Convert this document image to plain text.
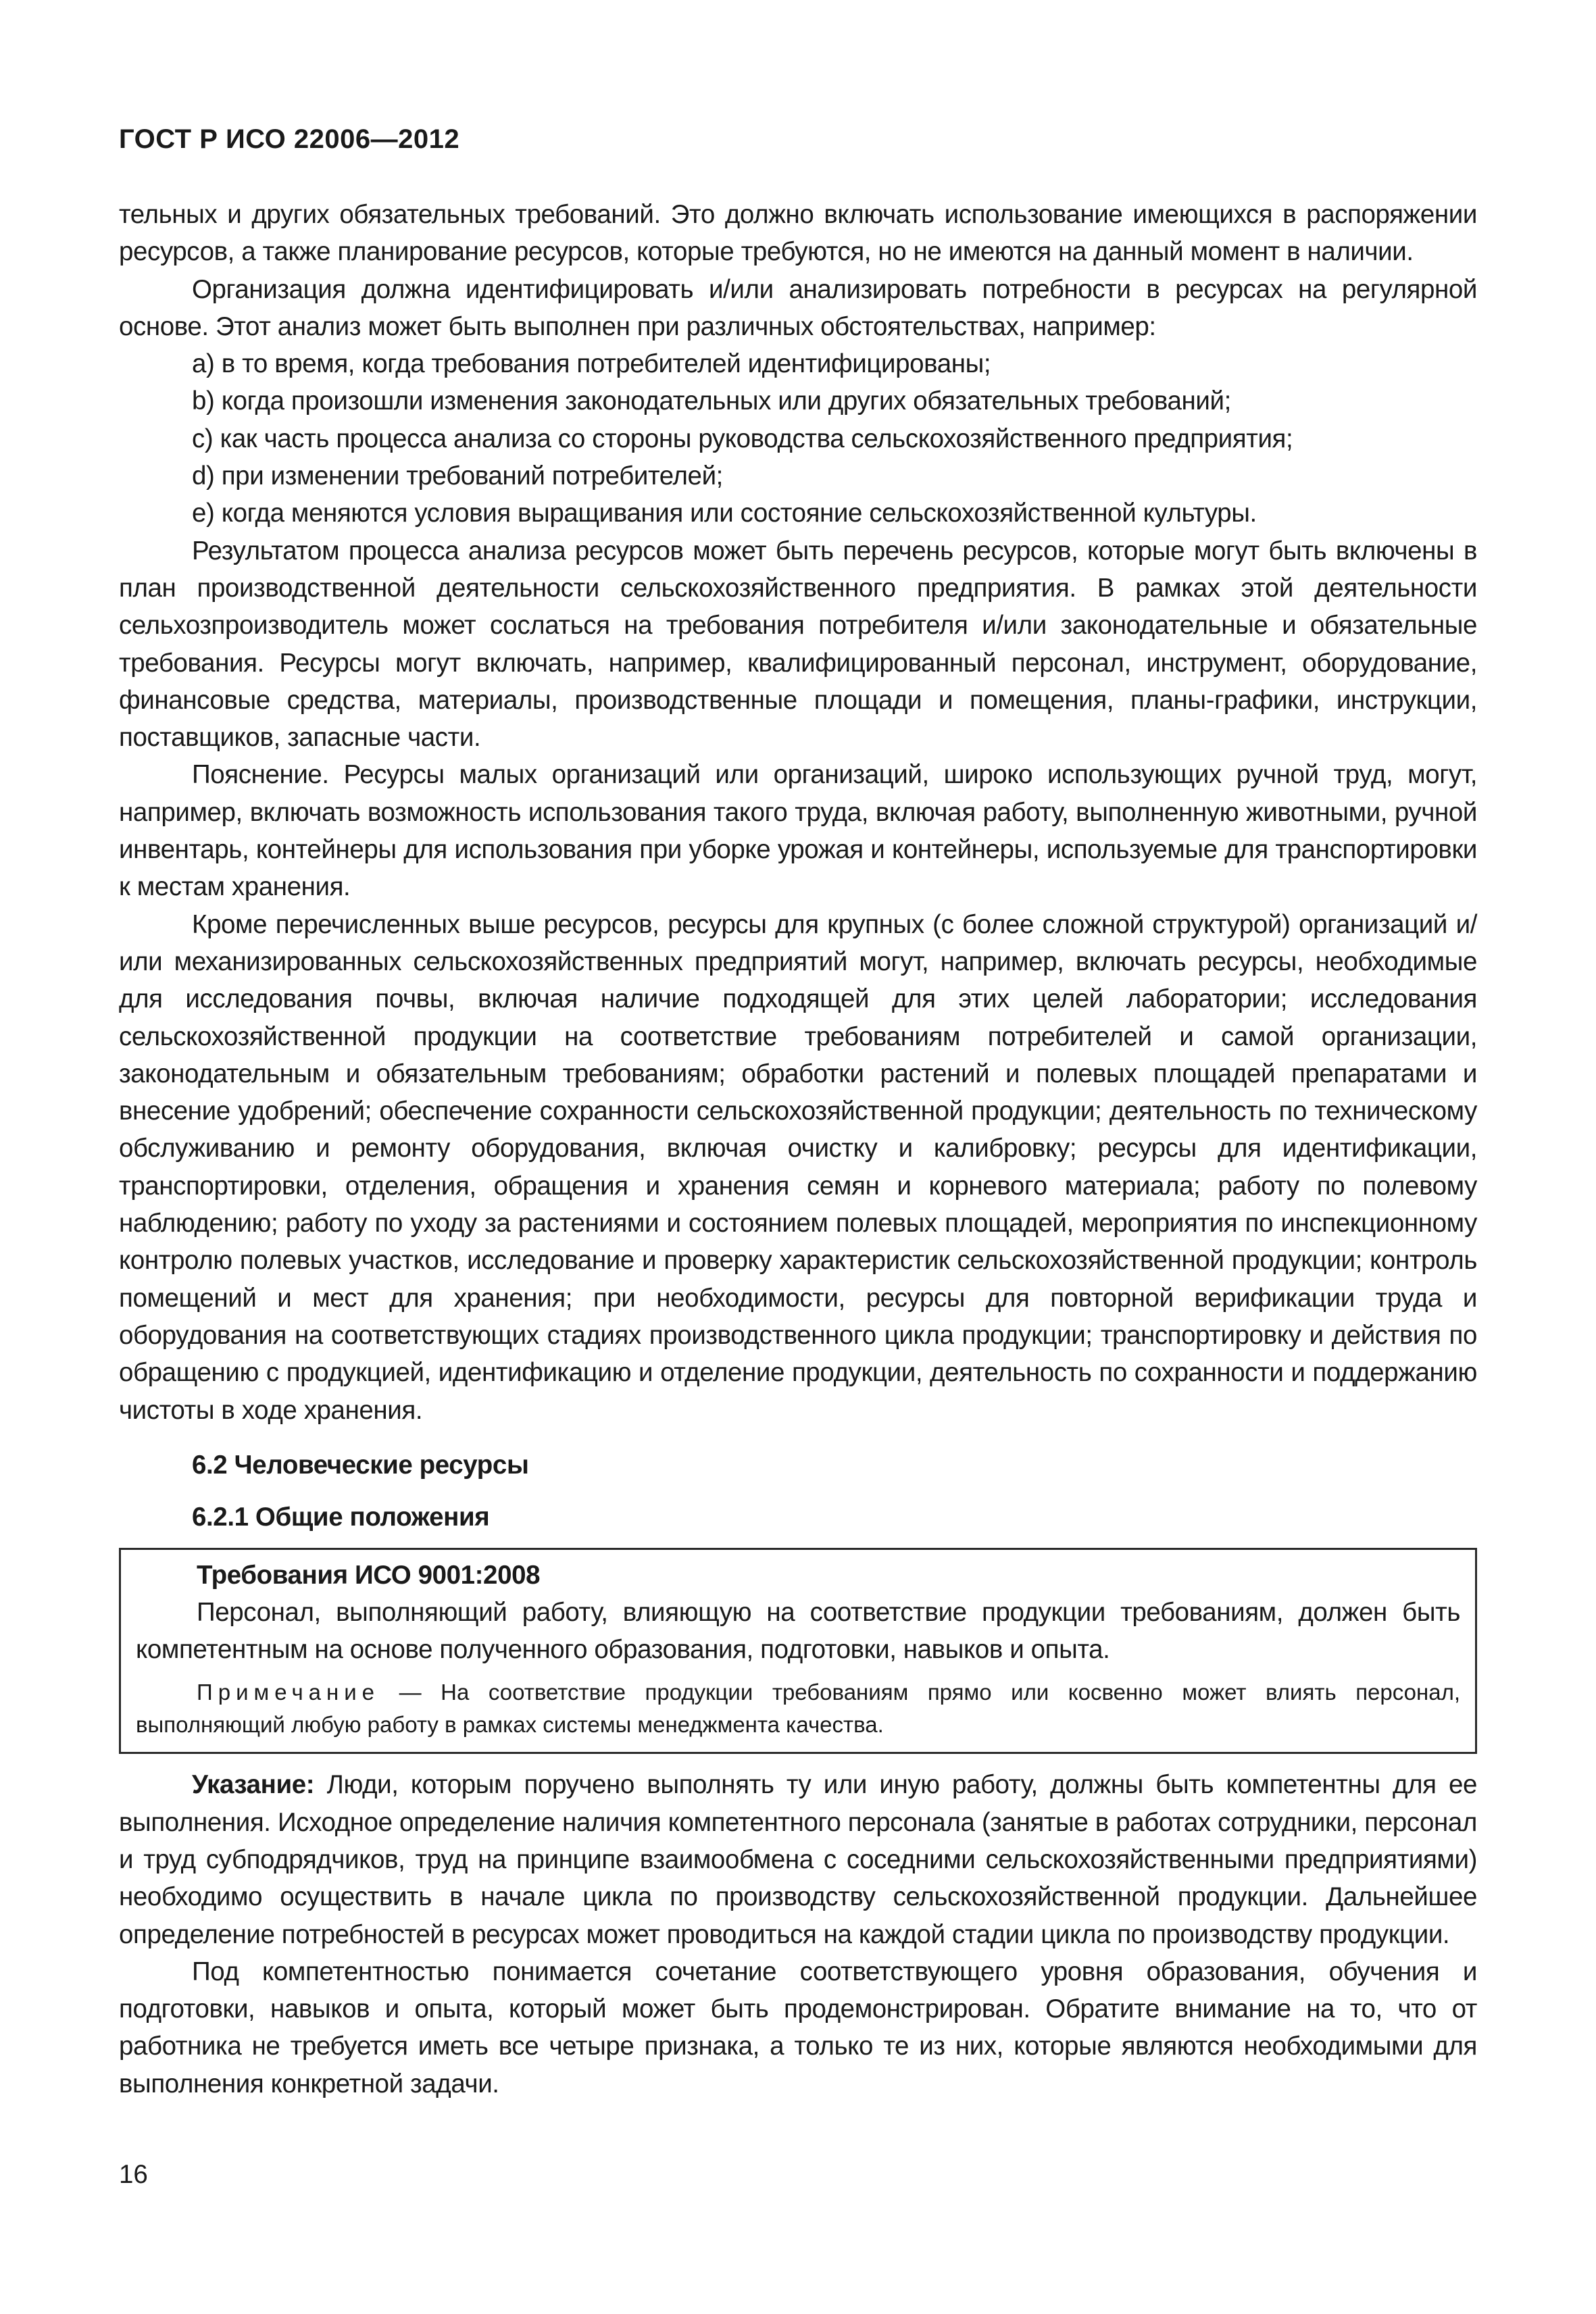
ГОСТ Р ИСО 22006—2012

тельных и других обязательных требований. Это должно включать использование имеющихся в распоряжении ресурсов, а также планирование ресурсов, которые требуются, но не имеются на данный момент в наличии.

Организация должна идентифицировать и/или анализировать потребности в ресурсах на регулярной основе. Этот анализ может быть выполнен при различных обстоятельствах, например:

a) в то время, когда требования потребителей идентифицированы;

b) когда произошли изменения законодательных или других обязательных требований;

c) как часть процесса анализа со стороны руководства сельскохозяйственного предприятия;

d) при изменении требований потребителей;

e) когда меняются условия выращивания или состояние сельскохозяйственной культуры.

Результатом процесса анализа ресурсов может быть перечень ресурсов, которые могут быть включены в план производственной деятельности сельскохозяйственного предприятия. В рамках этой деятельности сельхозпроизводитель может сослаться на требования потребителя и/или законодательные и обязательные требования. Ресурсы могут включать, например, квалифицированный персонал, инструмент, оборудование, финансовые средства, материалы, производственные площади и помещения, планы-графики, инструкции, поставщиков, запасные части.

Пояснение. Ресурсы малых организаций или организаций, широко использующих ручной труд, могут, например, включать возможность использования такого труда, включая работу, выполненную животными, ручной инвентарь, контейнеры для использования при уборке урожая и контейнеры, используемые для транспортировки к местам хранения.

Кроме перечисленных выше ресурсов, ресурсы для крупных (с более сложной структурой) организаций и/или механизированных сельскохозяйственных предприятий могут, например, включать ресурсы, необходимые для исследования почвы, включая наличие подходящей для этих целей лаборатории; исследования сельскохозяйственной продукции на соответствие требованиям потребителей и самой организации, законодательным и обязательным требованиям; обработки растений и полевых площадей препаратами и внесение удобрений; обеспечение сохранности сельскохозяйственной продукции; деятельность по техническому обслуживанию и ремонту оборудования, включая очистку и калибровку; ресурсы для идентификации, транспортировки, отделения, обращения и хранения семян и корневого материала; работу по полевому наблюдению; работу по уходу за растениями и состоянием полевых площадей, мероприятия по инспекционному контролю полевых участков, исследование и проверку характеристик сельскохозяйственной продукции; контроль помещений и мест для хранения; при необходимости, ресурсы для повторной верификации труда и оборудования на соответствующих стадиях производственного цикла продукции; транспортировку и действия по обращению с продукцией, идентификацию и отделение продукции, деятельность по сохранности и поддержанию чистоты в ходе хранения.

6.2 Человеческие ресурсы

6.2.1 Общие положения

Требования ИСО 9001:2008

Персонал, выполняющий работу, влияющую на соответствие продукции требованиям, должен быть компетентным на основе полученного образования, подготовки, навыков и опыта.

Примечание — На соответствие продукции требованиям прямо или косвенно может влиять персонал, выполняющий любую работу в рамках системы менеджмента качества.

Указание: Люди, которым поручено выполнять ту или иную работу, должны быть компетентны для ее выполнения. Исходное определение наличия компетентного персонала (занятые в работах сотрудники, персонал и труд субподрядчиков, труд на принципе взаимообмена с соседними сельскохозяйственными предприятиями) необходимо осуществить в начале цикла по производству сельскохозяйственной продукции. Дальнейшее определение потребностей в ресурсах может проводиться на каждой стадии цикла по производству продукции.

Под компетентностью понимается сочетание соответствующего уровня образования, обучения и подготовки, навыков и опыта, который может быть продемонстрирован. Обратите внимание на то, что от работника не требуется иметь все четыре признака, а только те из них, которые являются необходимыми для выполнения конкретной задачи.

16
